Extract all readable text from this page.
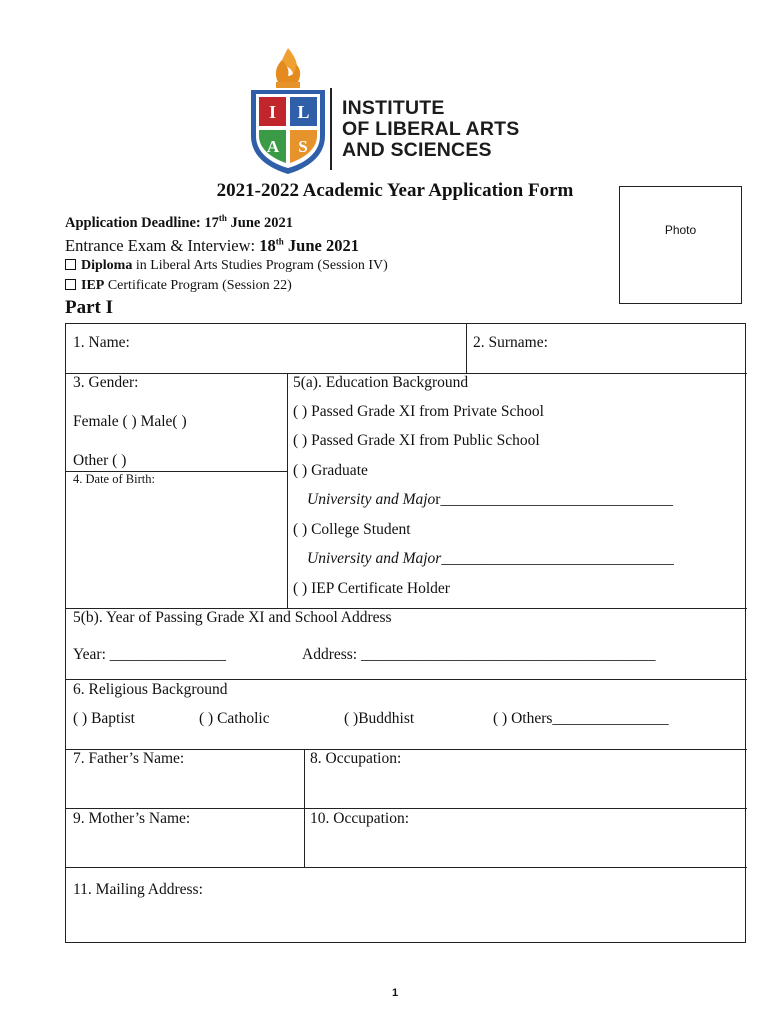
I L
A S
INSTITUTE
OF LIBERAL ARTS
AND SCIENCES
2021-2022 Academic Year Application Form
Photo
Application Deadline: 17th June 2021
Entrance Exam & Interview: 18th June 2021
Diploma in Liberal Arts Studies Program (Session IV)
IEP Certificate Program (Session 22)
Part I
1. Name:	2. Surname:
3. Gender:
Female ( ) Male( )
Other ( )
4. Date of Birth:
5(a). Education Background
( ) Passed Grade XI from Private School
( ) Passed Grade XI from Public School
( ) Graduate
University and Major______________________________
( ) College Student
University and Major______________________________
( ) IEP Certificate Holder
5(b). Year of Passing Grade XI and School Address
Year: _______________	Address: ______________________________________
6. Religious Background
( ) Baptist	( ) Catholic	( )Buddhist	( ) Others_______________
7. Father’s Name:	8. Occupation:
9. Mother’s Name:	10. Occupation:
11. Mailing Address:
1
